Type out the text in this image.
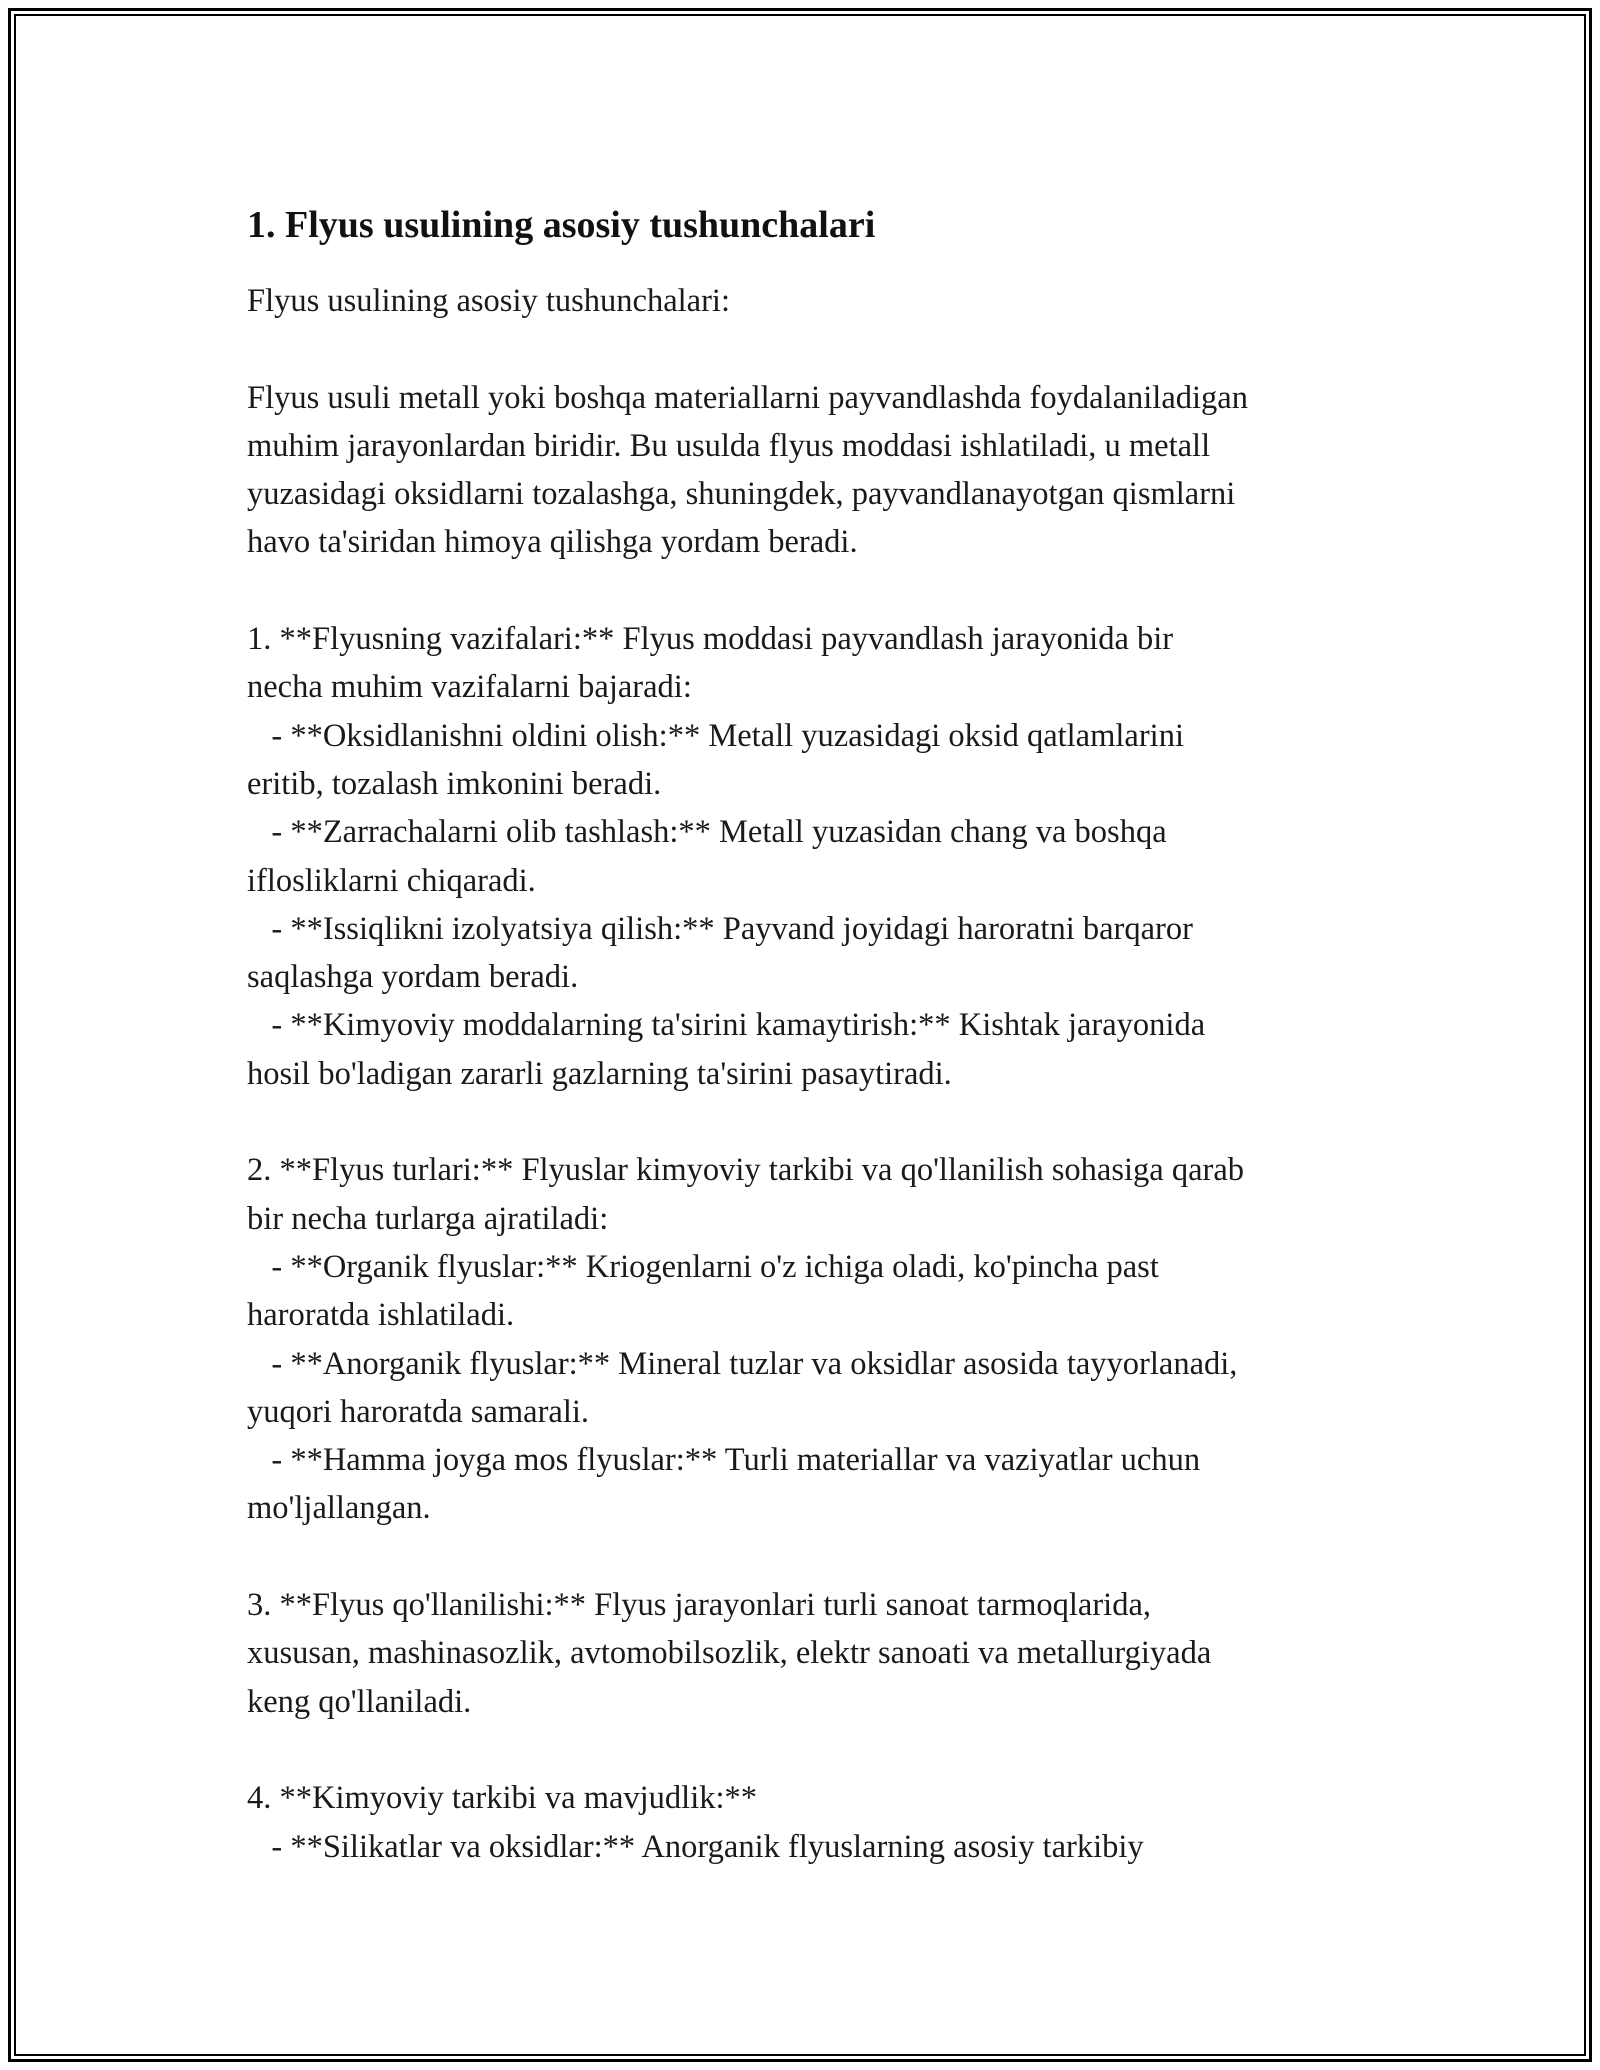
1. Flyus usulining asosiy tushunchalari

Flyus usulining asosiy tushunchalari:

Flyus usuli metall yoki boshqa materiallarni payvandlashda foydalaniladigan
muhim jarayonlardan biridir. Bu usulda flyus moddasi ishlatiladi, u metall
yuzasidagi oksidlarni tozalashga, shuningdek, payvandlanayotgan qismlarni
havo ta'siridan himoya qilishga yordam beradi.

1. **Flyusning vazifalari:** Flyus moddasi payvandlash jarayonida bir
necha muhim vazifalarni bajaradi:
- **Oksidlanishni oldini olish:** Metall yuzasidagi oksid qatlamlarini
eritib, tozalash imkonini beradi.
- **Zarrachalarni olib tashlash:** Metall yuzasidan chang va boshqa
iflosliklarni chiqaradi.
- **Issiqlikni izolyatsiya qilish:** Payvand joyidagi haroratni barqaror
saqlashga yordam beradi.
- **Kimyoviy moddalarning ta'sirini kamaytirish:** Kishtak jarayonida
hosil bo'ladigan zararli gazlarning ta'sirini pasaytiradi.

2. **Flyus turlari:** Flyuslar kimyoviy tarkibi va qo'llanilish sohasiga qarab
bir necha turlarga ajratiladi:
- **Organik flyuslar:** Kriogenlarni o'z ichiga oladi, ko'pincha past
haroratda ishlatiladi.
- **Anorganik flyuslar:** Mineral tuzlar va oksidlar asosida tayyorlanadi,
yuqori haroratda samarali.
- **Hamma joyga mos flyuslar:** Turli materiallar va vaziyatlar uchun
mo'ljallangan.

3. **Flyus qo'llanilishi:** Flyus jarayonlari turli sanoat tarmoqlarida,
xususan, mashinasozlik, avtomobilsozlik, elektr sanoati va metallurgiyada
keng qo'llaniladi.

4. **Kimyoviy tarkibi va mavjudlik:**
- **Silikatlar va oksidlar:** Anorganik flyuslarning asosiy tarkibiy
